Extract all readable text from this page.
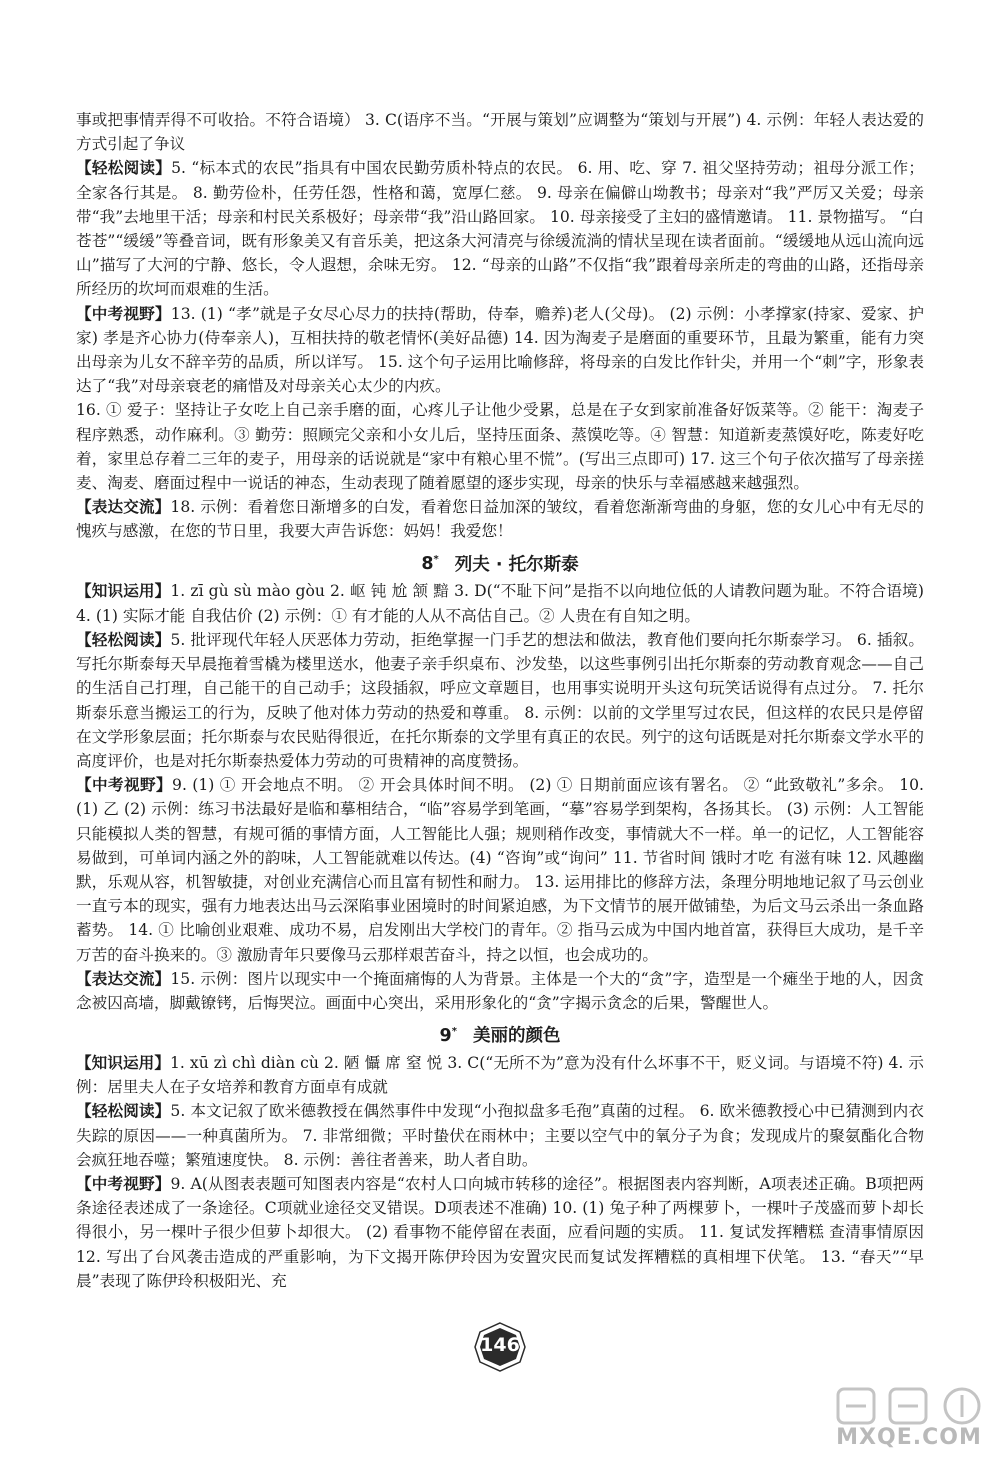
事或把事情弄得不可收拾。不符合语境） 3. C(语序不当。“开展与策划”应调整为“策划与开展”) 4. 示例：年轻人表达爱的方式引起了争议

【轻松阅读】5. “标本式的农民”指具有中国农民勤劳质朴特点的农民。 6. 用、吃、穿 7. 祖父坚持劳动；祖母分派工作；全家各行其是。 8. 勤劳俭朴，任劳任怨，性格和蔼，宽厚仁慈。 9. 母亲在偏僻山坳教书；母亲对“我”严厉又关爱；母亲带“我”去地里干活；母亲和村民关系极好；母亲带“我”沿山路回家。 10. 母亲接受了主妇的盛情邀请。 11. 景物描写。 “白苍苍”“缓缓”等叠音词，既有形象美又有音乐美，把这条大河清亮与徐缓流淌的情状呈现在读者面前。“缓缓地从远山流向远山”描写了大河的宁静、悠长，令人遐想，余味无穷。 12. “母亲的山路”不仅指“我”跟着母亲所走的弯曲的山路，还指母亲所经历的坎坷而艰难的生活。

【中考视野】13. (1) “孝”就是子女尽心尽力的扶持(帮助，侍奉，赡养)老人(父母)。 (2) 示例：小孝撑家(持家、爱家、护家) 孝是齐心协力(侍奉亲人)，互相扶持的敬老情怀(美好品德) 14. 因为淘麦子是磨面的重要环节，且最为繁重，能有力突出母亲为儿女不辞辛劳的品质，所以详写。 15. 这个句子运用比喻修辞，将母亲的白发比作针尖，并用一个“刺”字，形象表达了“我”对母亲衰老的痛惜及对母亲关心太少的内疚。

16. ① 爱子：坚持让子女吃上自己亲手磨的面，心疼儿子让他少受累，总是在子女到家前准备好饭菜等。② 能干：淘麦子程序熟悉，动作麻利。③ 勤劳：照顾完父亲和小女儿后，坚持压面条、蒸馍吃等。④ 智慧：知道新麦蒸馍好吃，陈麦好吃着，家里总存着二三年的麦子，用母亲的话说就是“家中有粮心里不慌”。(写出三点即可) 17. 这三个句子依次描写了母亲搓麦、淘麦、磨面过程中一说话的神态，生动表现了随着愿望的逐步实现，母亲的快乐与幸福感越来越强烈。

【表达交流】18. 示例：看着您日渐增多的白发，看着您日益加深的皱纹，看着您渐渐弯曲的身躯，您的女儿心中有无尽的愧疚与感激，在您的节日里，我要大声告诉您：妈妈！我爱您！

8* 列夫 · 托尔斯泰

【知识运用】1. zī gù sù mào gòu 2. 岖 钝 尬 颔 黯 3. D(“不耻下问”是指不以向地位低的人请教问题为耻。不符合语境) 4. (1) 实际才能 自我估价 (2) 示例：① 有才能的人从不高估自己。② 人贵在有自知之明。

【轻松阅读】5. 批评现代年轻人厌恶体力劳动，拒绝掌握一门手艺的想法和做法，教育他们要向托尔斯泰学习。 6. 插叙。 写托尔斯泰每天早晨拖着雪橇为楼里送水，他妻子亲手织桌布、沙发垫，以这些事例引出托尔斯泰的劳动教育观念——自己的生活自己打理，自己能干的自己动手；这段插叙，呼应文章题目，也用事实说明开头这句玩笑话说得有点过分。 7. 托尔斯泰乐意当搬运工的行为，反映了他对体力劳动的热爱和尊重。 8. 示例：以前的文学里写过农民，但这样的农民只是停留在文学形象层面；托尔斯泰与农民贴得很近，在托尔斯泰的文学里有真正的农民。列宁的这句话既是对托尔斯泰文学水平的高度评价，也是对托尔斯泰热爱体力劳动的可贵精神的高度赞扬。

【中考视野】9. (1) ① 开会地点不明。 ② 开会具体时间不明。 (2) ① 日期前面应该有署名。 ② “此致敬礼”多余。 10. (1) 乙 (2) 示例：练习书法最好是临和摹相结合，“临”容易学到笔画，“摹”容易学到架构，各扬其长。 (3) 示例：人工智能只能模拟人类的智慧，有规可循的事情方面，人工智能比人强；规则稍作改变，事情就大不一样。单一的记忆，人工智能容易做到，可单词内涵之外的韵味，人工智能就难以传达。(4) “咨询”或“询问” 11. 节省时间 饿时才吃 有滋有味 12. 风趣幽默，乐观从容，机智敏捷，对创业充满信心而且富有韧性和耐力。 13. 运用排比的修辞方法，条理分明地地记叙了马云创业一直亏本的现实，强有力地表达出马云深陷事业困境时的时间紧迫感，为下文情节的展开做铺垫，为后文马云杀出一条血路蓄势。 14. ① 比喻创业艰难、成功不易，启发刚出大学校门的青年。② 指马云成为中国内地首富，获得巨大成功，是千辛万苦的奋斗换来的。③ 激励青年只要像马云那样艰苦奋斗，持之以恒，也会成功的。

【表达交流】15. 示例：图片以现实中一个掩面痛悔的人为背景。主体是一个大的“贪”字，造型是一个瘫坐于地的人，因贪念被囚高墙，脚戴镣铐，后悔哭泣。画面中心突出，采用形象化的“贪”字揭示贪念的后果，警醒世人。

9* 美丽的颜色

【知识运用】1. xū zì chì diàn cù 2. 陋 懾 席 窒 悦 3. C(“无所不为”意为没有什么坏事不干，贬义词。与语境不符) 4. 示例：居里夫人在子女培养和教育方面卓有成就

【轻松阅读】5. 本文记叙了欧米德教授在偶然事件中发现“小孢拟盘多毛孢”真菌的过程。 6. 欧米德教授心中已猜测到内衣失踪的原因——一种真菌所为。 7. 非常细微；平时蛰伏在雨林中；主要以空气中的氧分子为食；发现成片的聚氨酯化合物会疯狂地吞噬；繁殖速度快。 8. 示例：善往者善来，助人者自助。

【中考视野】9. A(从图表表题可知图表内容是“农村人口向城市转移的途径”。根据图表内容判断，A项表述正确。B项把两条途径表述成了一条途径。C项就业途径交叉错误。D项表述不准确) 10. (1) 兔子种了两棵萝卜，一棵叶子茂盛而萝卜却长得很小，另一棵叶子很少但萝卜却很大。 (2) 看事物不能停留在表面，应看问题的实质。 11. 复试发挥糟糕 查清事情原因 12. 写出了台风袭击造成的严重影响，为下文揭开陈伊玲因为安置灾民而复试发挥糟糕的真相埋下伏笔。 13. “春天”“早晨”表现了陈伊玲积极阳光、充

146
MXQE.COM
